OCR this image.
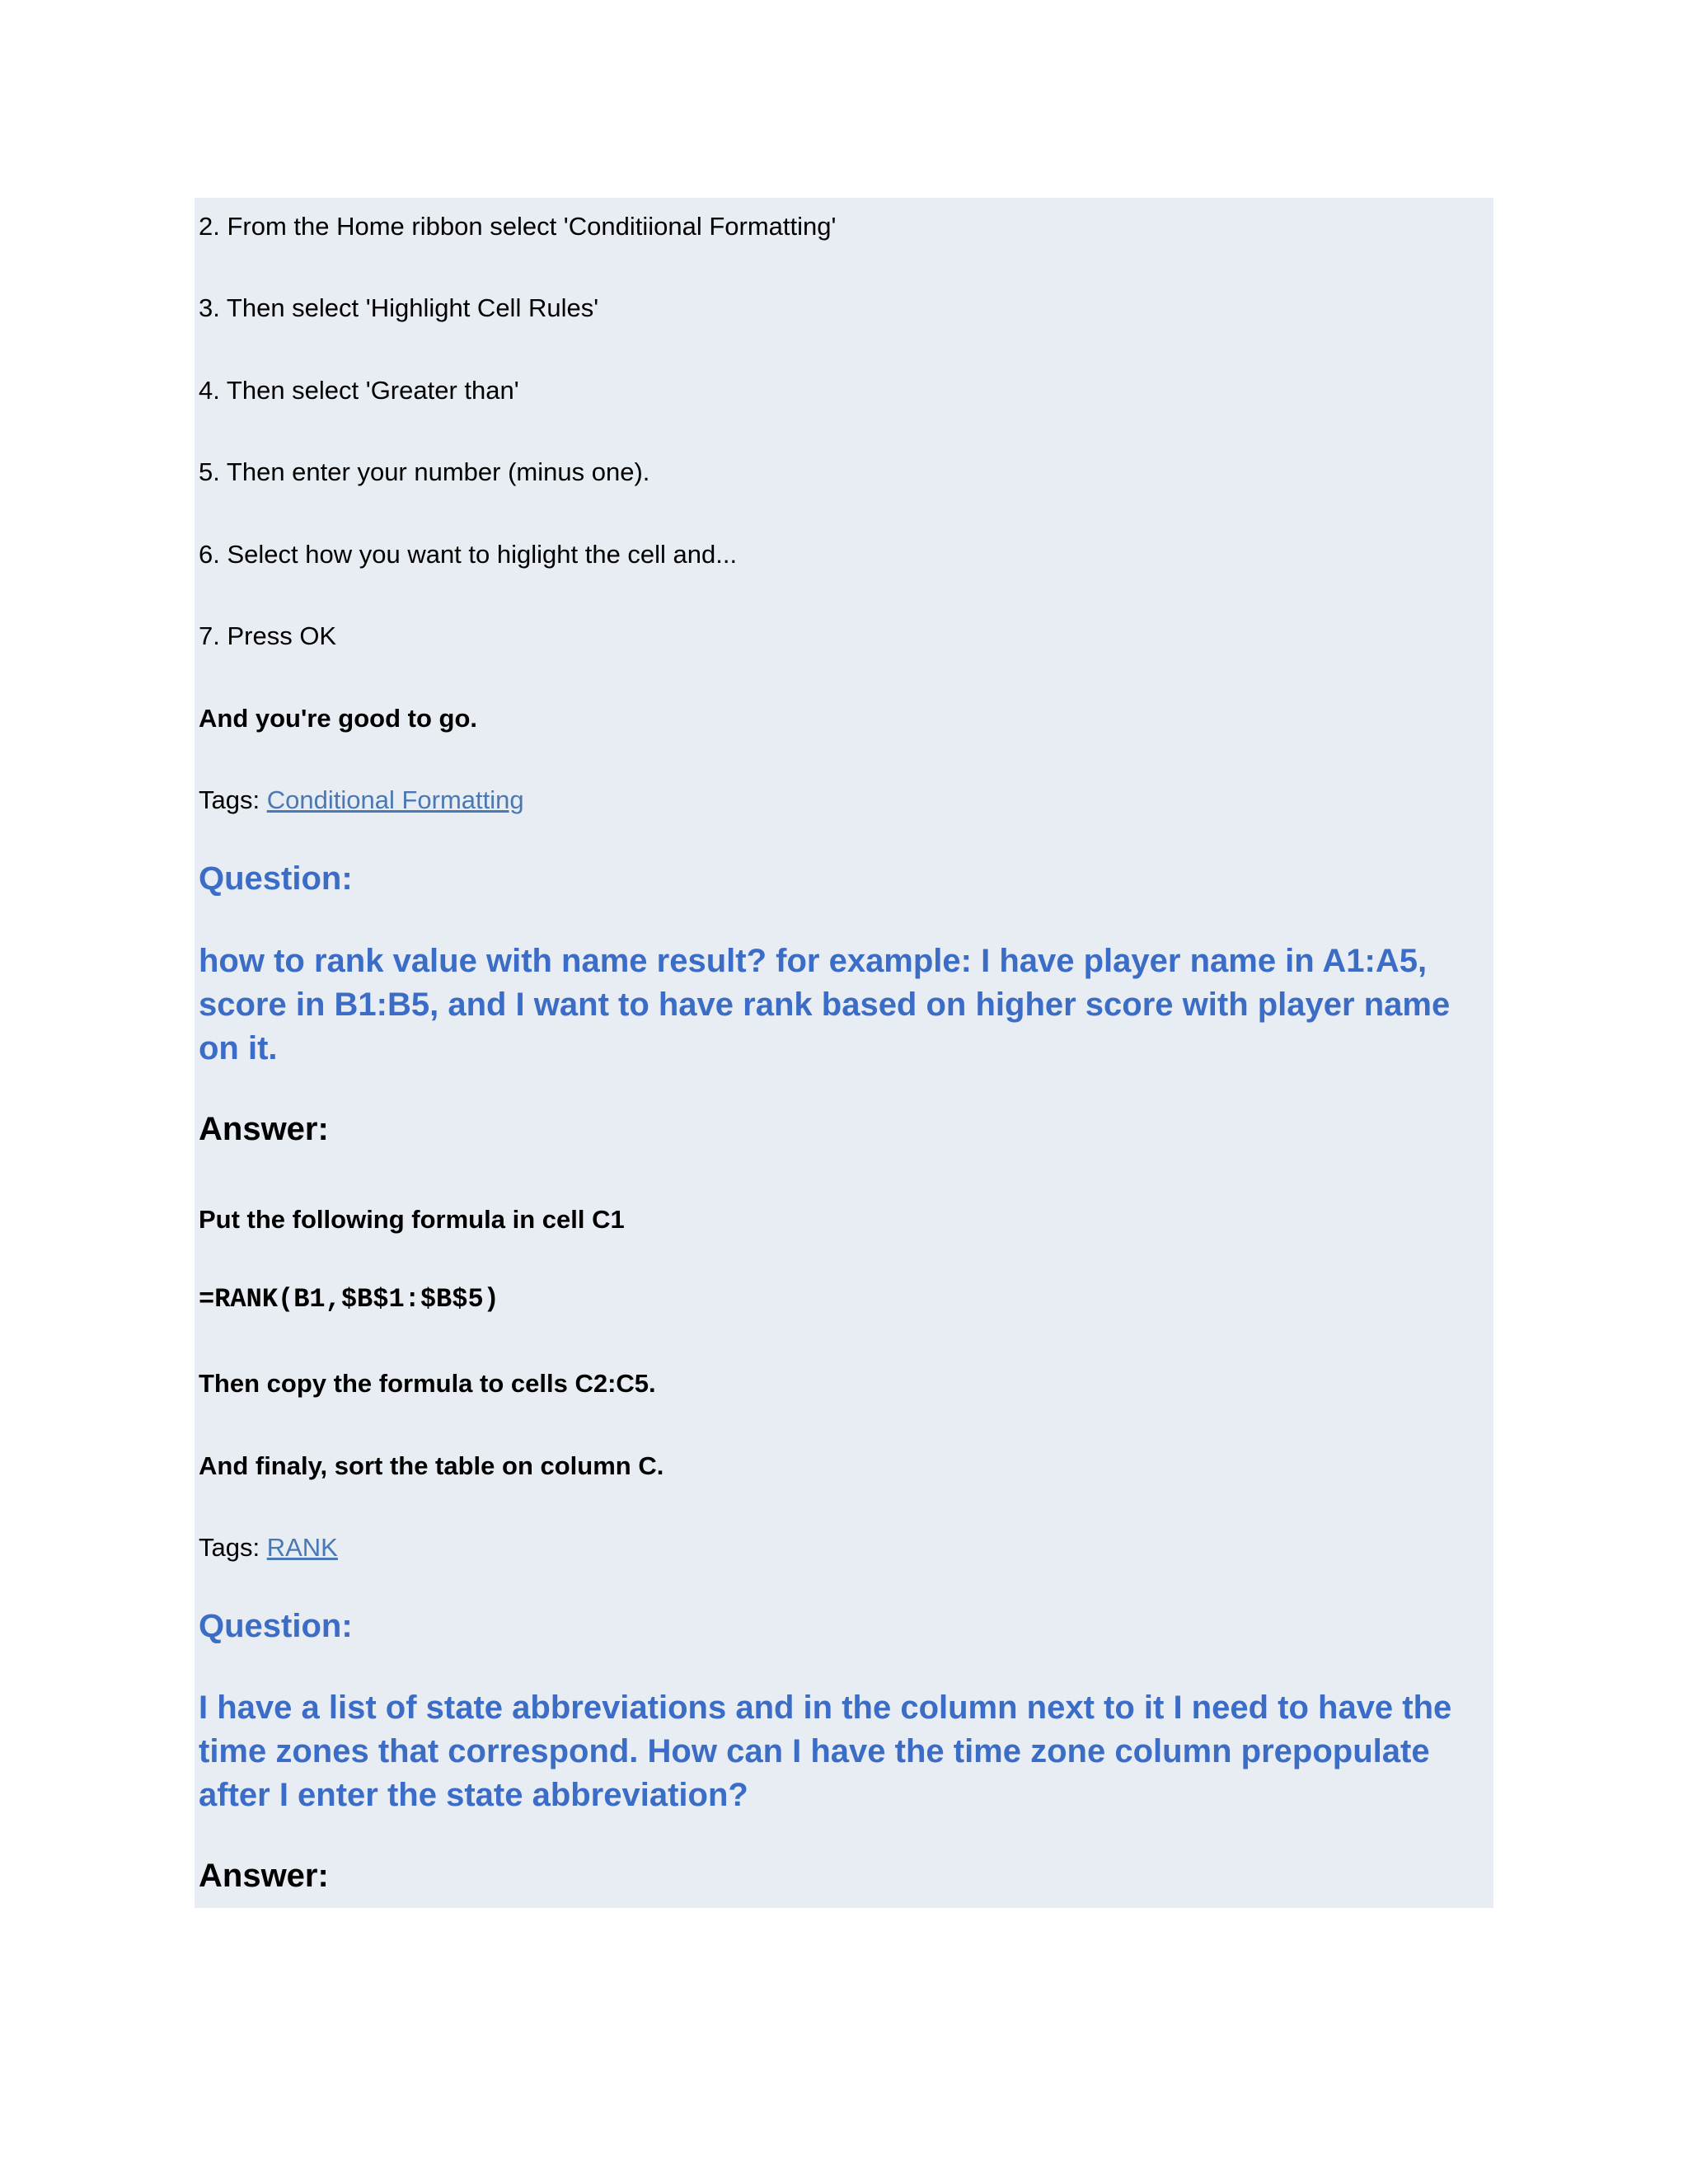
2. From the Home ribbon select 'Conditiional Formatting'
3. Then select 'Highlight Cell Rules'
4. Then select 'Greater than'
5. Then enter your number (minus one).
6. Select how you want to higlight the cell and...
7. Press OK
And you're good to go.
Tags: Conditional Formatting
Question:
how to rank value with name result? for example: I have player name in A1:A5, score in B1:B5, and I want to have rank based on higher score with player name on it.
Answer:
Put the following formula in cell C1
=RANK(B1,$B$1:$B$5)
Then copy the formula to cells C2:C5.
And finaly, sort the table on column C.
Tags: RANK
Question:
I have a list of state abbreviations and in the column next to it I need to have the time zones that correspond. How can I have the time zone column prepopulate after I enter the state abbreviation?
Answer:
